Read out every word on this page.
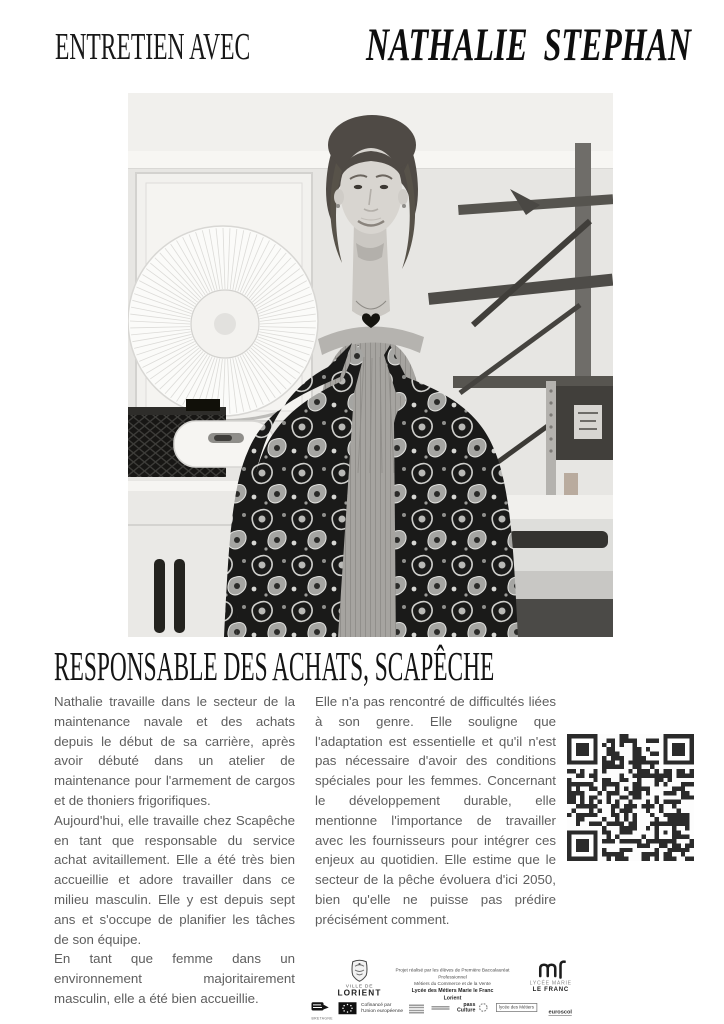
ENTRETIEN AVEC NATHALIE  STEPHAN
RESPONSABLE DES ACHATS, SCAPÊCHE

Nathalie travaille dans le secteur de la maintenance navale et des achats depuis le début de sa carrière, après avoir débuté dans un atelier de maintenance pour l'armement de cargos et de thoniers frigorifiques.

Aujourd'hui, elle travaille chez Scapêche en tant que responsable du service achat avitaillement. Elle a été très bien accueillie et adore travailler dans ce milieu masculin. Elle y est depuis sept ans et s'occupe de planifier les tâches de son équipe.

En tant que femme dans un environnement majoritairement masculin, elle a été bien accueillie.

Elle n'a pas rencontré de difficultés liées à son genre. Elle souligne que l'adaptation est essentielle et qu'il n'est pas nécessaire d'avoir des conditions spéciales pour les femmes. Concernant le développement durable, elle mentionne l'importance de travailler avec les fournisseurs pour intégrer ces enjeux au quotidien. Elle estime que le secteur de la pêche évoluera d'ici 2050, bien qu'elle ne puisse pas prédire précisément comment.

VILLE DE
LORIENT
Projet réalisé par les élèves de Première Baccalauréat Professionnel
Métiers du Commerce et de la Vente
Lycée des Métiers Marie le Franc
Lorient
LYCÉE MARIE
LE FRANC
BRETAGNE
Cofinancé par
l'Union européenne
pass
Culture	lycée des Métiers
euroscol
